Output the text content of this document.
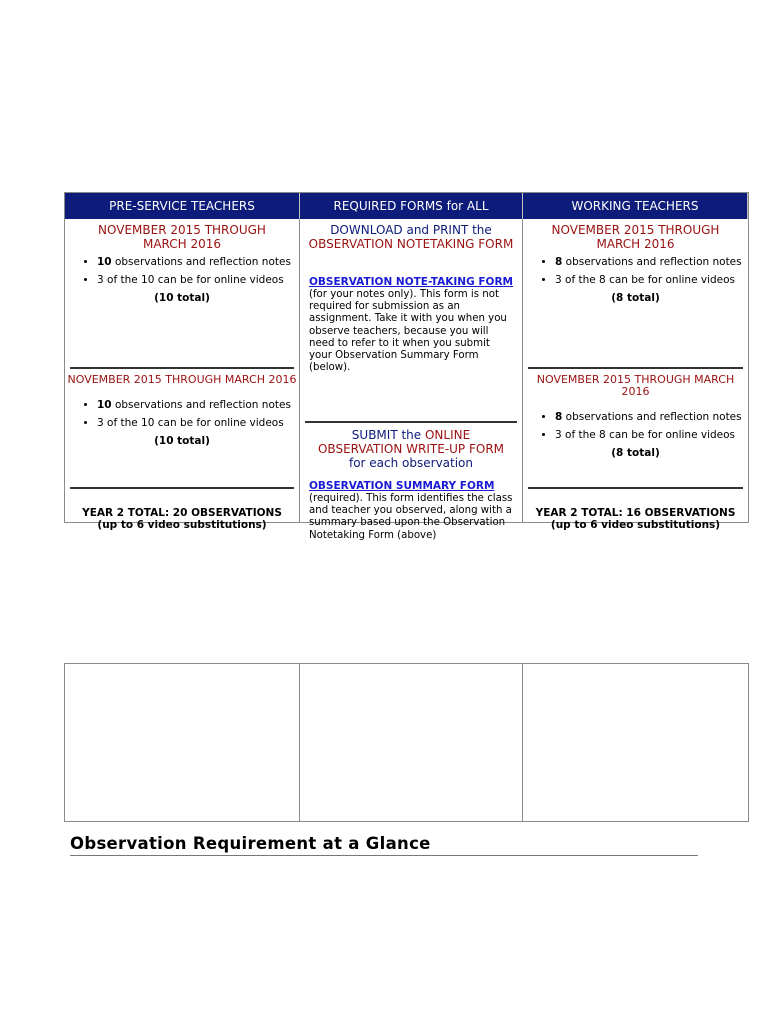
PRE-SERVICE TEACHERS	REQUIRED FORMS for ALL	WORKING TEACHERS
NOVEMBER 2015 THROUGH MARCH 2016
• 10 observations and reflection notes
• 3 of the 10 can be for online videos
(10 total)
NOVEMBER 2015 THROUGH MARCH 2016
• 10 observations and reflection notes
• 3 of the 10 can be for online videos
(10 total)
YEAR 2 TOTAL: 20 OBSERVATIONS
(up to 6 video substitutions)
DOWNLOAD and PRINT the
OBSERVATION NOTETAKING FORM
OBSERVATION NOTE-TAKING FORM
(for your notes only). This form is not required for submission as an assignment. Take it with you when you observe teachers, because you will need to refer to it when you submit your Observation Summary Form (below).
SUBMIT the ONLINE
OBSERVATION WRITE-UP FORM
for each observation
OBSERVATION SUMMARY FORM
(required). This form identifies the class and teacher you observed, along with a summary based upon the Observation Notetaking Form (above)
NOVEMBER 2015 THROUGH MARCH 2016
• 8 observations and reflection notes
• 3 of the 8 can be for online videos
(8 total)
NOVEMBER 2015 THROUGH MARCH 2016
• 8 observations and reflection notes
• 3 of the 8 can be for online videos
(8 total)
YEAR 2 TOTAL: 16 OBSERVATIONS
(up to 6 video substitutions)
Observation Requirement at a Glance
